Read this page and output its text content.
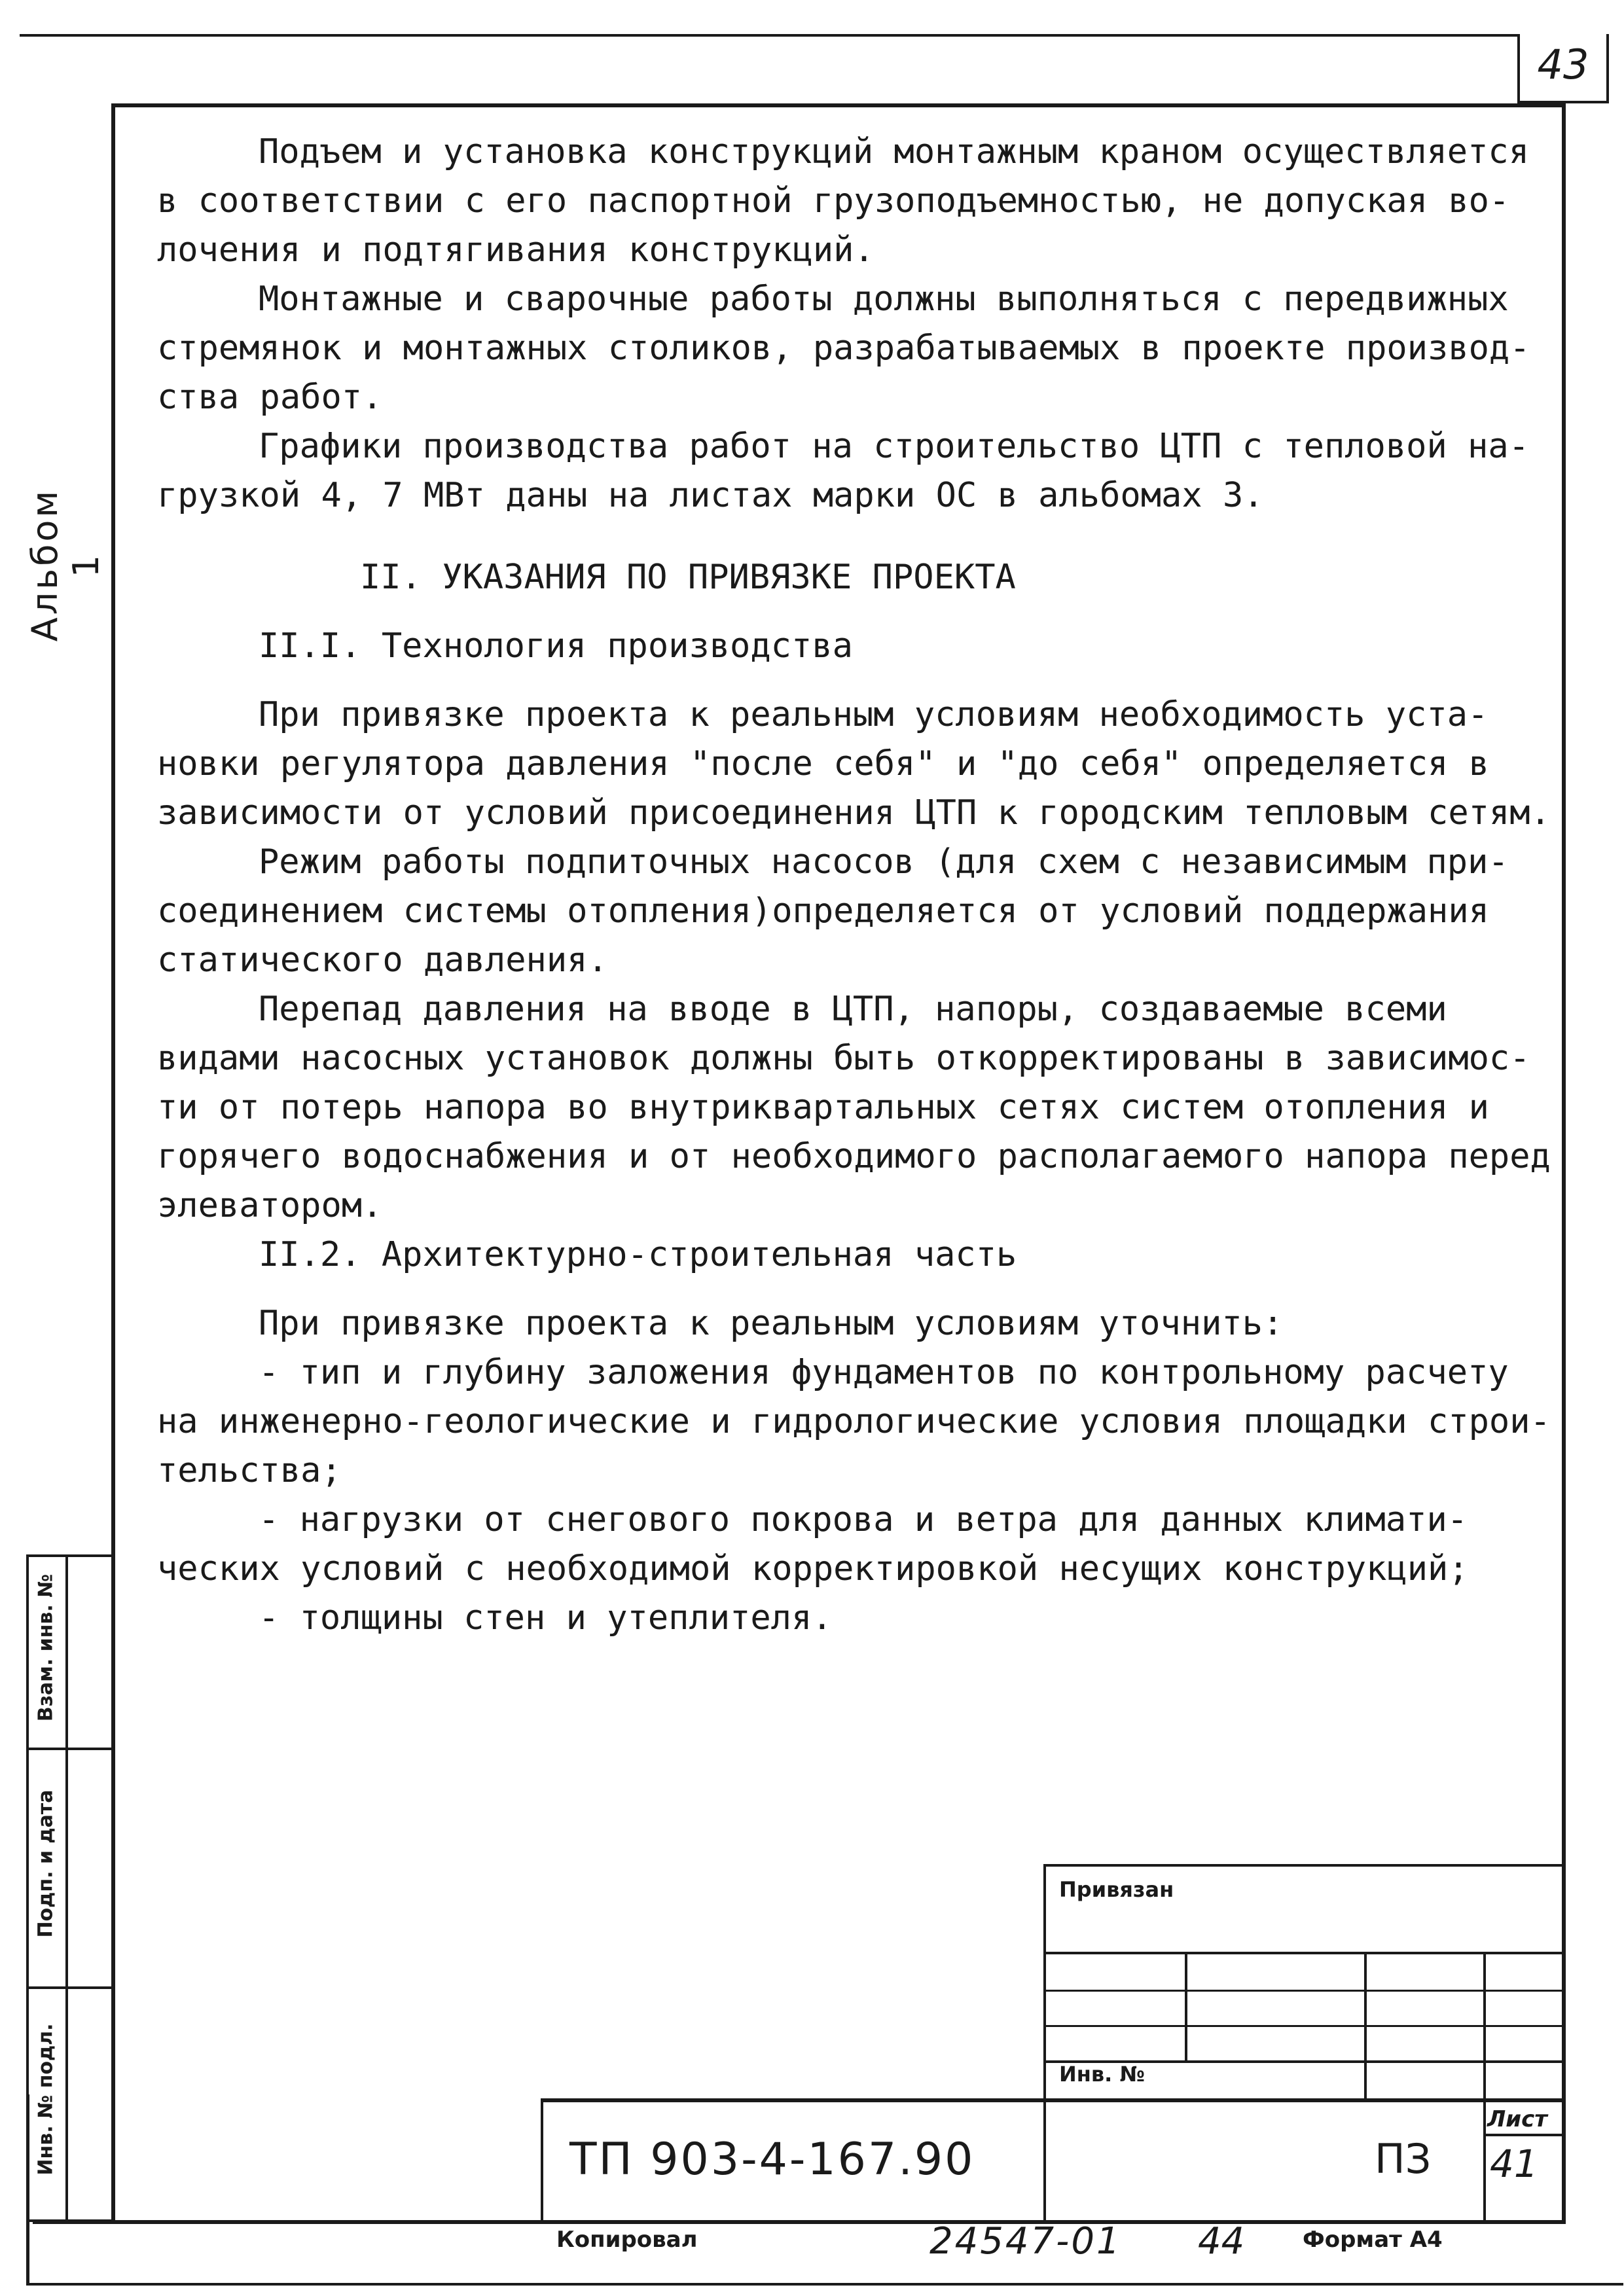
43
Альбом 1
Взам. инв. №
Подп. и дата
Инв. № подл.
Подъем и установка конструкций монтажным краном осуществляется
в соответствии с его паспортной грузоподъемностью, не допуская во-
лочения и подтягивания конструкций.
Монтажные и сварочные работы должны выполняться с передвижных
стремянок и монтажных столиков, разрабатываемых в проекте производ-
ства работ.
Графики производства работ на строительство ЦТП с тепловой на-
грузкой 4, 7 МВт даны на листах марки ОС в альбомах 3.
II. УКАЗАНИЯ ПО ПРИВЯЗКЕ ПРОЕКТА
II.I. Технология производства
При привязке проекта к реальным условиям необходимость уста-
новки регулятора давления "после себя" и "до себя" определяется в
зависимости от условий присоединения ЦТП к городским тепловым сетям.
Режим работы подпиточных насосов (для схем с независимым при-
соединением системы отопления)определяется от условий поддержания
статического давления.
Перепад давления на вводе в ЦТП, напоры, создаваемые всеми
видами насосных установок должны быть откорректированы в зависимос-
ти от потерь напора во внутриквартальных сетях систем отопления и
горячего водоснабжения и от необходимого располагаемого напора перед
элеватором.
II.2. Архитектурно-строительная часть
При привязке проекта к реальным условиям уточнить:
- тип и глубину заложения фундаментов по контрольному расчету
на инженерно-геологические и гидрологические условия площадки строи-
тельства;
- нагрузки от снегового покрова и ветра для данных климати-
ческих условий с необходимой корректировкой несущих конструкций;
- толщины стен и утеплителя.
Привязан
Инв. №
ТП 903-4-167.90	ПЗ
Лист
41
Копировал	24547-01 44	Формат А4
